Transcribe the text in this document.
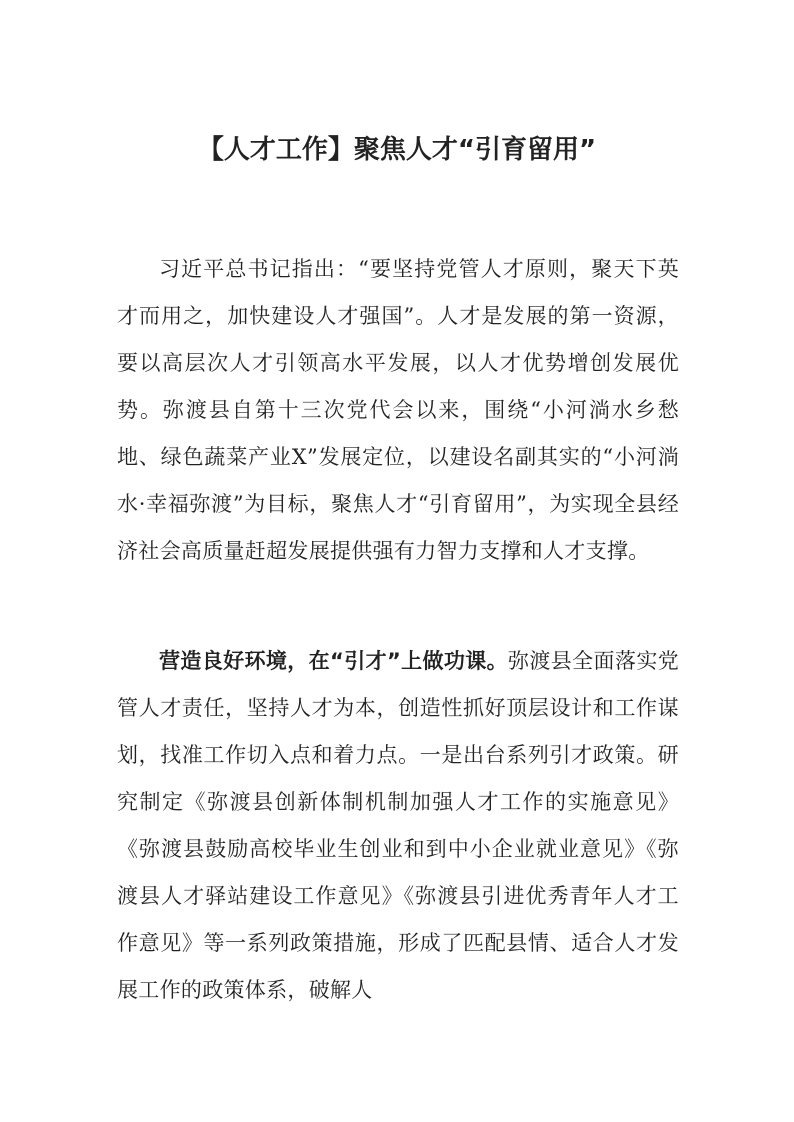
【人才工作】聚焦人才“引育留用”

习近平总书记指出：“要坚持党管人才原则，聚天下英才而用之，加快建设人才强国”。人才是发展的第一资源，要以高层次人才引领高水平发展，以人才优势增创发展优势。弥渡县自第十三次党代会以来，围绕“小河淌水乡愁地、绿色蔬菜产业X”发展定位，以建设名副其实的“小河淌水·幸福弥渡”为目标，聚焦人才“引育留用”，为实现全县经济社会高质量赶超发展提供强有力智力支撑和人才支撑。

营造良好环境，在“引才”上做功课。弥渡县全面落实党管人才责任，坚持人才为本，创造性抓好顶层设计和工作谋划，找准工作切入点和着力点。一是出台系列引才政策。研究制定《弥渡县创新体制机制加强人才工作的实施意见》《弥渡县鼓励高校毕业生创业和到中小企业就业意见》《弥渡县人才驿站建设工作意见》《弥渡县引进优秀青年人才工作意见》等一系列政策措施，形成了匹配县情、适合人才发展工作的政策体系，破解人
